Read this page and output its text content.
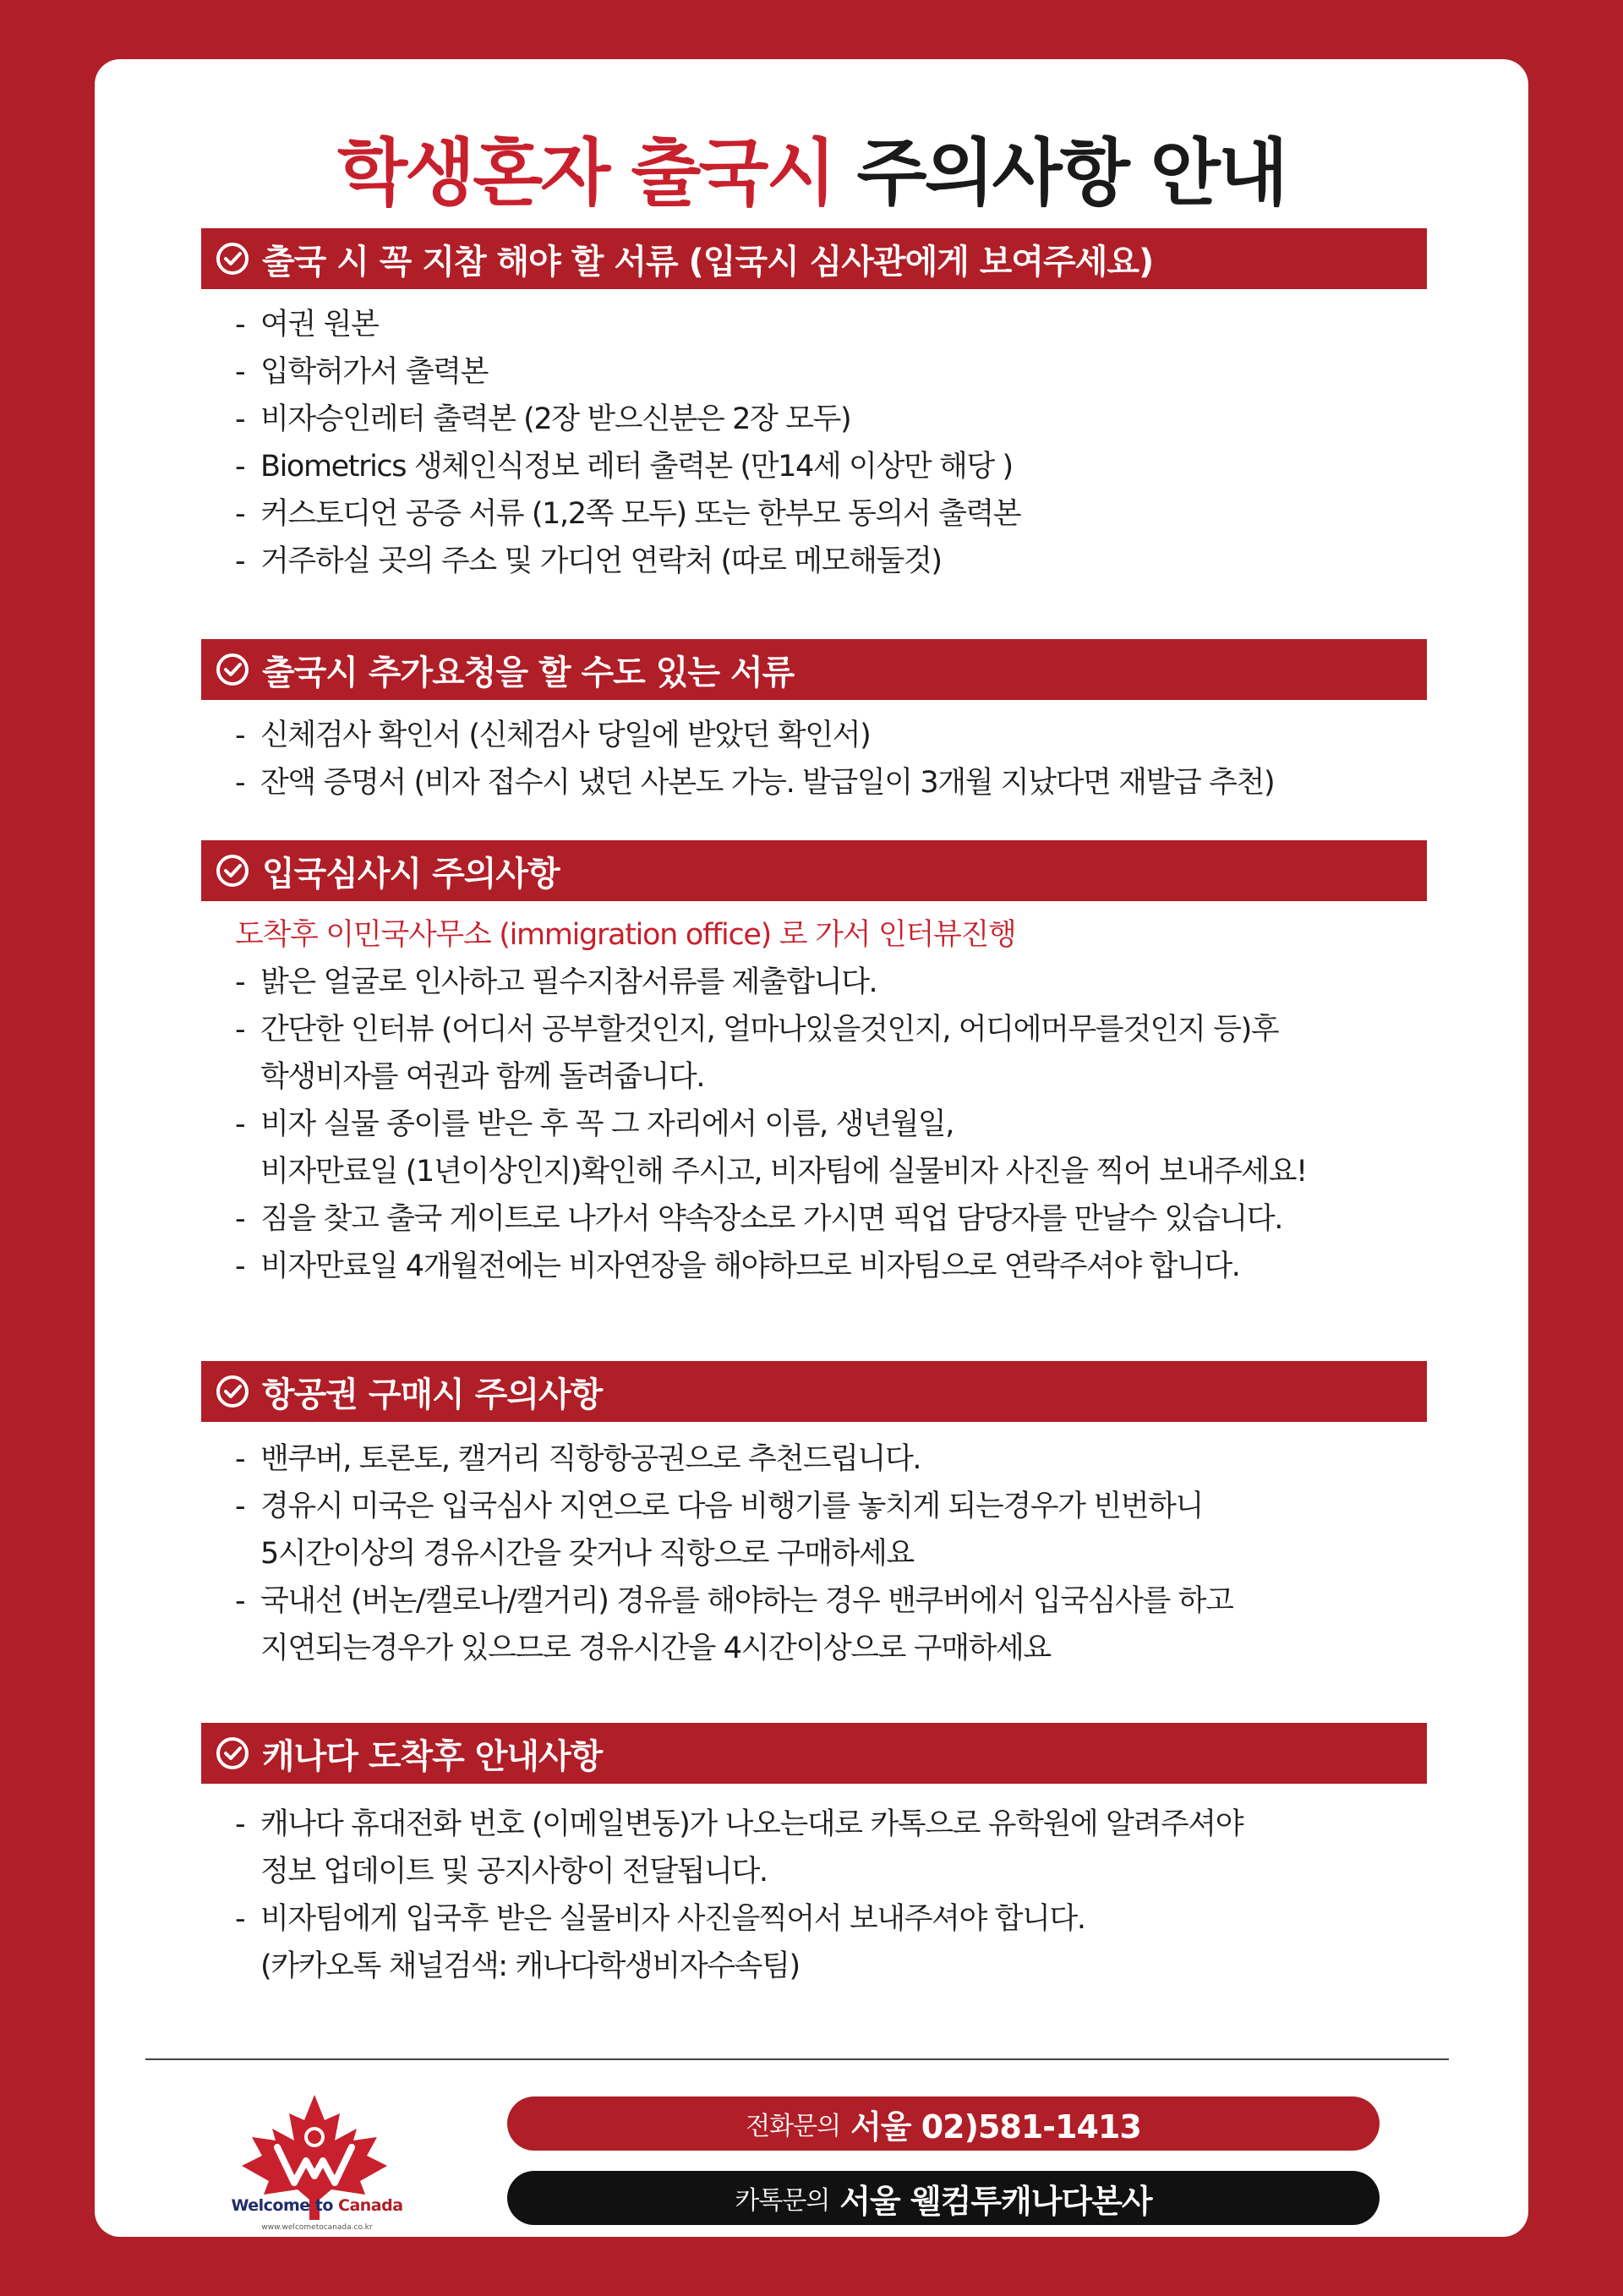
학생혼자 출국시 주의사항 안내
출국 시 꼭 지참 해야 할 서류 (입국시 심사관에게 보여주세요)
- 여권 원본
- 입학허가서 출력본
- 비자승인레터 출력본 (2장 받으신분은 2장 모두)
- Biometrics 생체인식정보 레터 출력본 (만14세 이상만 해당 )
- 커스토디언 공증 서류 (1,2쪽 모두) 또는 한부모 동의서 출력본
- 거주하실 곳의 주소 및 가디언 연락처 (따로 메모해둘것)
출국시 추가요청을 할 수도 있는 서류
- 신체검사 확인서 (신체검사 당일에 받았던 확인서)
- 잔액 증명서 (비자 접수시 냈던 사본도 가능. 발급일이 3개월 지났다면 재발급 추천)
입국심사시 주의사항
도착후 이민국사무소 (immigration office) 로 가서 인터뷰진행
- 밝은 얼굴로 인사하고 필수지참서류를 제출합니다.
- 간단한 인터뷰 (어디서 공부할것인지, 얼마나있을것인지, 어디에머무를것인지 등)후
학생비자를 여권과 함께 돌려줍니다.
- 비자 실물 종이를 받은 후 꼭 그 자리에서 이름, 생년월일,
비자만료일 (1년이상인지)확인해 주시고, 비자팀에 실물비자 사진을 찍어 보내주세요!
- 짐을 찾고 출국 게이트로 나가서 약속장소로 가시면 픽업 담당자를 만날수 있습니다.
- 비자만료일 4개월전에는 비자연장을 해야하므로 비자팀으로 연락주셔야 합니다.
항공권 구매시 주의사항
- 밴쿠버, 토론토, 캘거리 직항항공권으로 추천드립니다.
- 경유시 미국은 입국심사 지연으로 다음 비행기를 놓치게 되는경우가 빈번하니
5시간이상의 경유시간을 갖거나 직항으로 구매하세요
- 국내선 (버논/캘로나/캘거리) 경유를 해야하는 경우 밴쿠버에서 입국심사를 하고
지연되는경우가 있으므로 경유시간을 4시간이상으로 구매하세요
캐나다 도착후 안내사항
- 캐나다 휴대전화 번호 (이메일변동)가 나오는대로 카톡으로 유학원에 알려주셔야
정보 업데이트 및 공지사항이 전달됩니다.
- 비자팀에게 입국후 받은 실물비자 사진을찍어서 보내주셔야 합니다.
(카카오톡 채널검색: 캐나다학생비자수속팀)
Welcome to Canada
www.welcometocanada.co.kr
전화문의 서울 02)581-1413
카톡문의 서울 웰컴투캐나다본사
